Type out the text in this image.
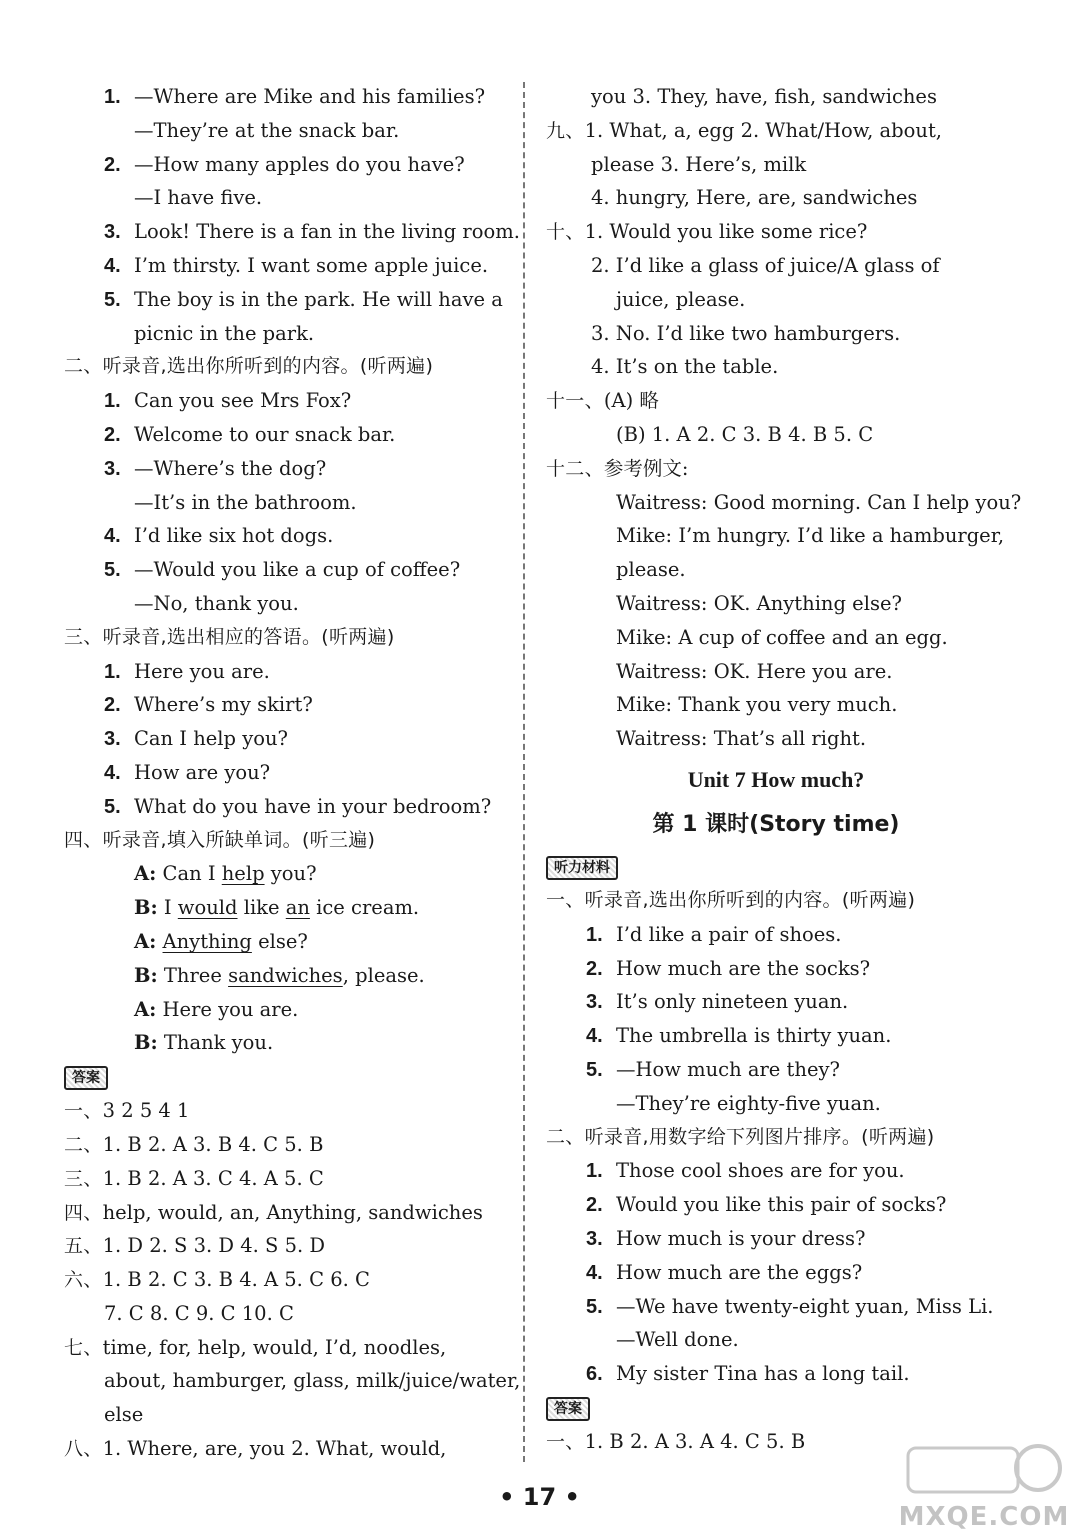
1. —Where are Mike and his families?
—They’re at the snack bar.
2. —How many apples do you have?
—I have five.
3. Look! There is a fan in the living room.
4. I’m thirsty. I want some apple juice.
5. The boy is in the park. He will have a
picnic in the park.
二、听录音,选出你所听到的内容。(听两遍)
1. Can you see Mrs Fox?
2. Welcome to our snack bar.
3. —Where’s the dog?
—It’s in the bathroom.
4. I’d like six hot dogs.
5. —Would you like a cup of coffee?
—No, thank you.
三、听录音,选出相应的答语。(听两遍)
1. Here you are.
2. Where’s my skirt?
3. Can I help you?
4. How are you?
5. What do you have in your bedroom?
四、听录音,填入所缺单词。(听三遍)
A: Can I help you?
B: I would like an ice cream.
A: Anything else?
B: Three sandwiches, please.
A: Here you are.
B: Thank you.
答案
一、3 2 5 4 1
二、1. B 2. A 3. B 4. C 5. B
三、1. B 2. A 3. C 4. A 5. C
四、help, would, an, Anything, sandwiches
五、1. D 2. S 3. D 4. S 5. D
六、1. B 2. C 3. B 4. A 5. C 6. C
7. C 8. C 9. C 10. C
七、time, for, help, would, I’d, noodles,
about, hamburger, glass, milk/juice/water,
else
八、1. Where, are, you 2. What, would,
you 3. They, have, fish, sandwiches
九、1. What, a, egg 2. What/How, about,
please 3. Here’s, milk
4. hungry, Here, are, sandwiches
十、1. Would you like some rice?
2. I’d like a glass of juice/A glass of
juice, please.
3. No. I’d like two hamburgers.
4. It’s on the table.
十一、(A) 略
(B) 1. A 2. C 3. B 4. B 5. C
十二、参考例文:
Waitress: Good morning. Can I help you?
Mike: I’m hungry. I’d like a hamburger,
please.
Waitress: OK. Anything else?
Mike: A cup of coffee and an egg.
Waitress: OK. Here you are.
Mike: Thank you very much.
Waitress: That’s all right.
Unit 7 How much?
第 1 课时(Story time)
听力材料
一、听录音,选出你所听到的内容。(听两遍)
1. I’d like a pair of shoes.
2. How much are the socks?
3. It’s only nineteen yuan.
4. The umbrella is thirty yuan.
5. —How much are they?
—They’re eighty-five yuan.
二、听录音,用数字给下列图片排序。(听两遍)
1. Those cool shoes are for you.
2. Would you like this pair of socks?
3. How much is your dress?
4. How much are the eggs?
5. —We have twenty-eight yuan, Miss Li.
—Well done.
6. My sister Tina has a long tail.
答案
一、1. B 2. A 3. A 4. C 5. B
• 17 •
MXQE.COM
